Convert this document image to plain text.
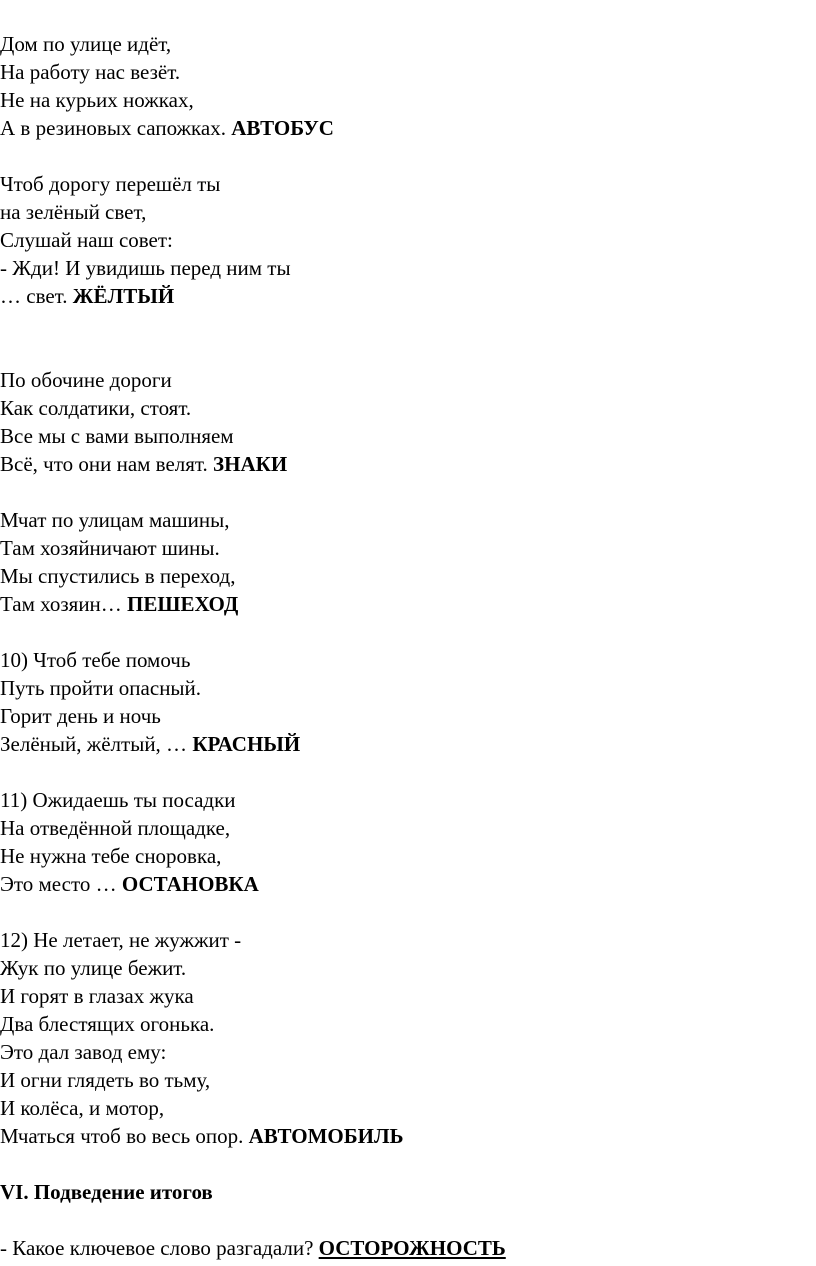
Дом по улице идёт,

На работу нас везёт.

Не на курьих ножках,

А в резиновых сапожках. АВТОБУС

Чтоб дорогу перешёл ты

на зелёный свет,

Слушай наш совет:

- Жди! И увидишь перед ним ты

… свет. ЖЁЛТЫЙ

По обочине дороги

Как солдатики, стоят.

Все мы с вами выполняем

Всё, что они нам велят. ЗНАКИ

Мчат по улицам машины,

Там хозяйничают шины.

Мы спустились в переход,

Там хозяин… ПЕШЕХОД

10) Чтоб тебе помочь

Путь пройти опасный.

Горит день и ночь

Зелёный, жёлтый, … КРАСНЫЙ

11) Ожидаешь ты посадки

На отведённой площадке,

Не нужна тебе сноровка,

Это место … ОСТАНОВКА

12) Не летает, не жужжит -

Жук по улице бежит.

И горят в глазах жука

Два блестящих огонька.

Это дал завод ему:

И огни глядеть во тьму,

И колёса, и мотор,

Мчаться чтоб во весь опор. АВТОМОБИЛЬ

VI. Подведение итогов

- Какое ключевое слово разгадали? ОСТОРОЖНОСТЬ
